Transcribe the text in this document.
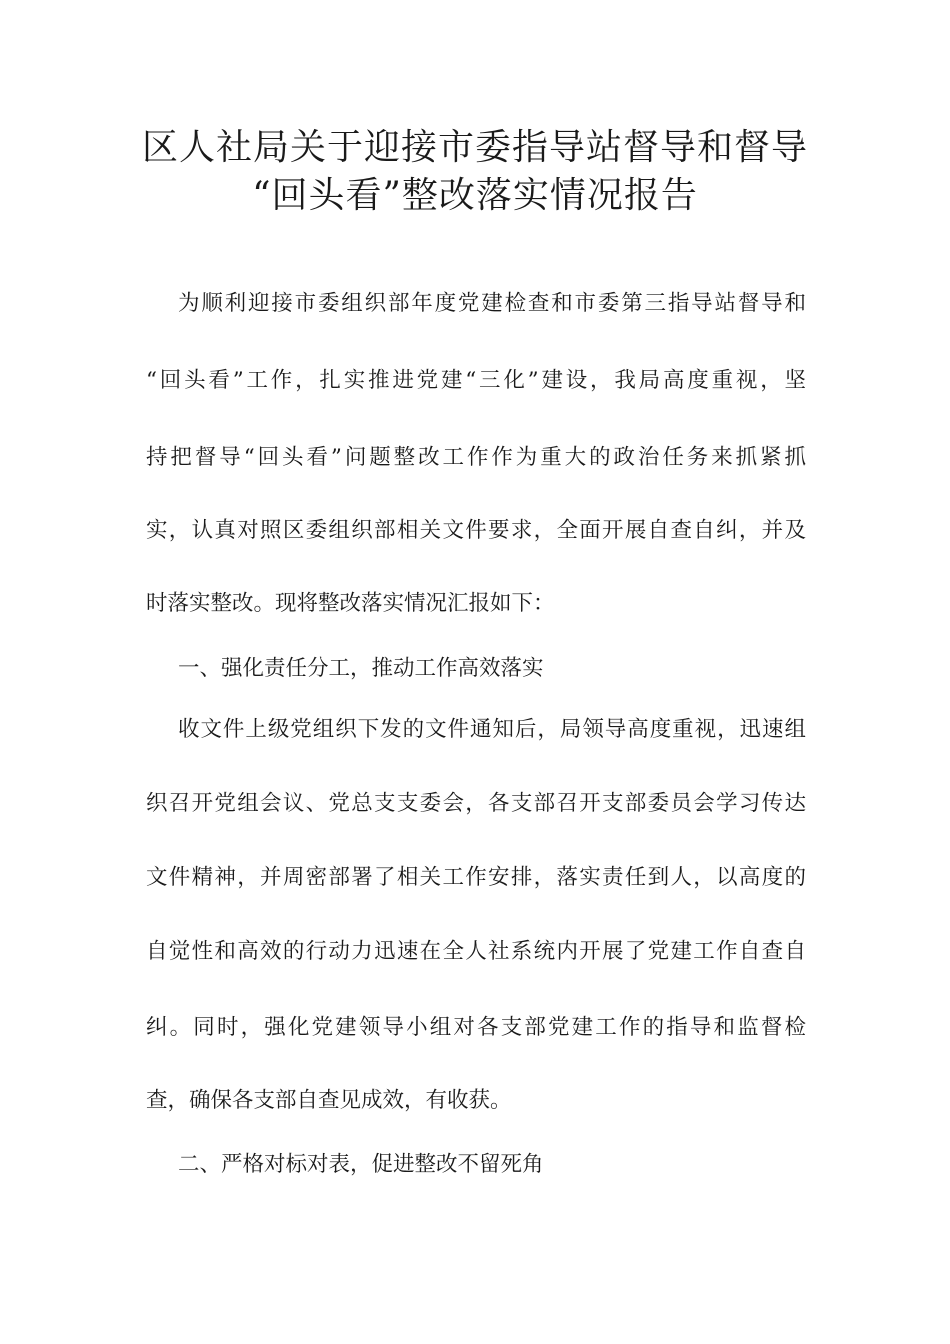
区人社局关于迎接市委指导站督导和督导
“回头看”整改落实情况报告
为顺利迎接市委组织部年度党建检查和市委第三指导站督导和
“回头看”工作，扎实推进党建“三化”建设，我局高度重视，坚
持把督导“回头看”问题整改工作作为重大的政治任务来抓紧抓
实，认真对照区委组织部相关文件要求，全面开展自查自纠，并及
时落实整改。现将整改落实情况汇报如下：
一、强化责任分工，推动工作高效落实
收文件上级党组织下发的文件通知后，局领导高度重视，迅速组
织召开党组会议、党总支支委会，各支部召开支部委员会学习传达
文件精神，并周密部署了相关工作安排，落实责任到人，以高度的
自觉性和高效的行动力迅速在全人社系统内开展了党建工作自查自
纠。同时，强化党建领导小组对各支部党建工作的指导和监督检
查，确保各支部自查见成效，有收获。
二、严格对标对表，促进整改不留死角
